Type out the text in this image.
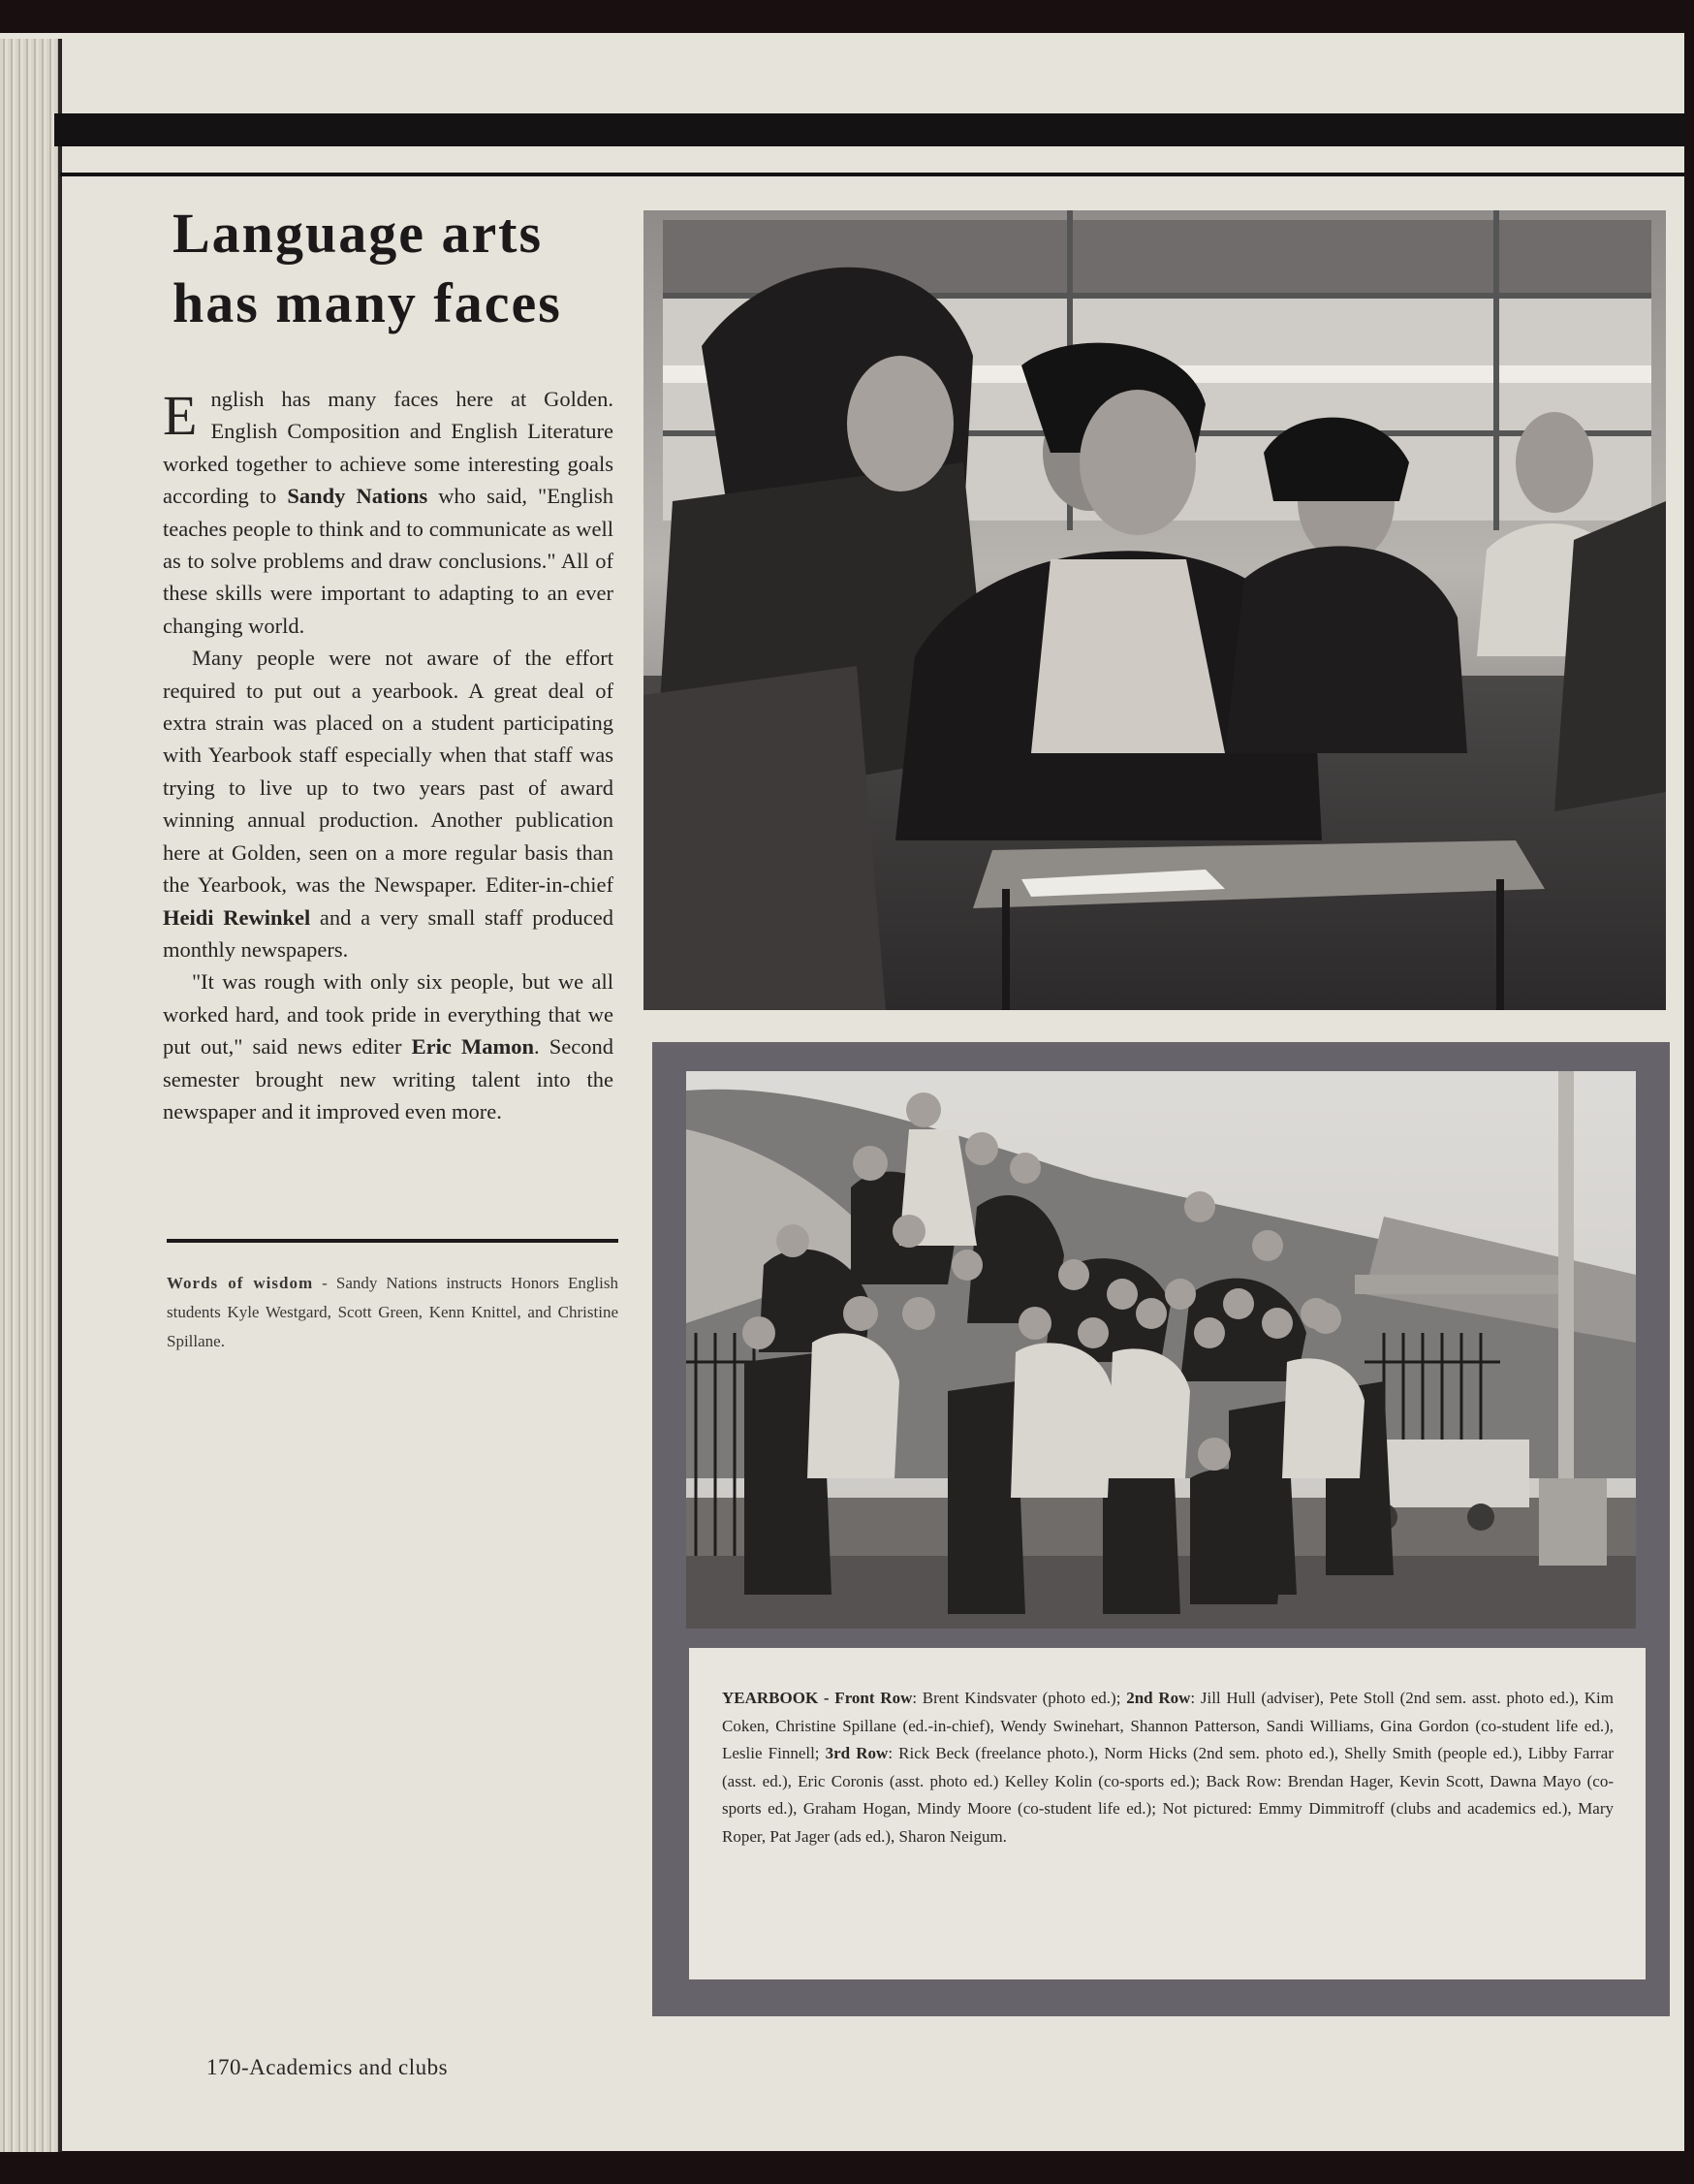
Language arts has many faces

English has many faces here at Golden. English Composition and English Literature worked together to achieve some interesting goals according to Sandy Nations who said, "English teaches people to think and to communicate as well as to solve problems and draw conclusions." All of these skills were important to adapting to an ever changing world.

Many people were not aware of the effort required to put out a yearbook. A great deal of extra strain was placed on a student participating with Yearbook staff especially when that staff was trying to live up to two years past of award winning annual production. Another publication here at Golden, seen on a more regular basis than the Yearbook, was the Newspaper. Editer-in-chief Heidi Rewinkel and a very small staff produced monthly newspapers.

"It was rough with only six people, but we all worked hard, and took pride in everything that we put out," said news editer Eric Mamon. Second semester brought new writing talent into the newspaper and it improved even more.

Words of wisdom - Sandy Nations instructs Honors English students Kyle Westgard, Scott Green, Kenn Knittel, and Christine Spillane.

YEARBOOK - Front Row: Brent Kindsvater (photo ed.); 2nd Row: Jill Hull (adviser), Pete Stoll (2nd sem. asst. photo ed.), Kim Coken, Christine Spillane (ed.-in-chief), Wendy Swinehart, Shannon Patterson, Sandi Williams, Gina Gordon (co-student life ed.), Leslie Finnell; 3rd Row: Rick Beck (freelance photo.), Norm Hicks (2nd sem. photo ed.), Shelly Smith (people ed.), Libby Farrar (asst. ed.), Eric Coronis (asst. photo ed.) Kelley Kolin (co-sports ed.); Back Row: Brendan Hager, Kevin Scott, Dawna Mayo (co- sports ed.), Graham Hogan, Mindy Moore (co-student life ed.); Not pictured: Emmy Dimmitroff (clubs and academics ed.), Mary Roper, Pat Jager (ads ed.), Sharon Neigum.

170-Academics and clubs
